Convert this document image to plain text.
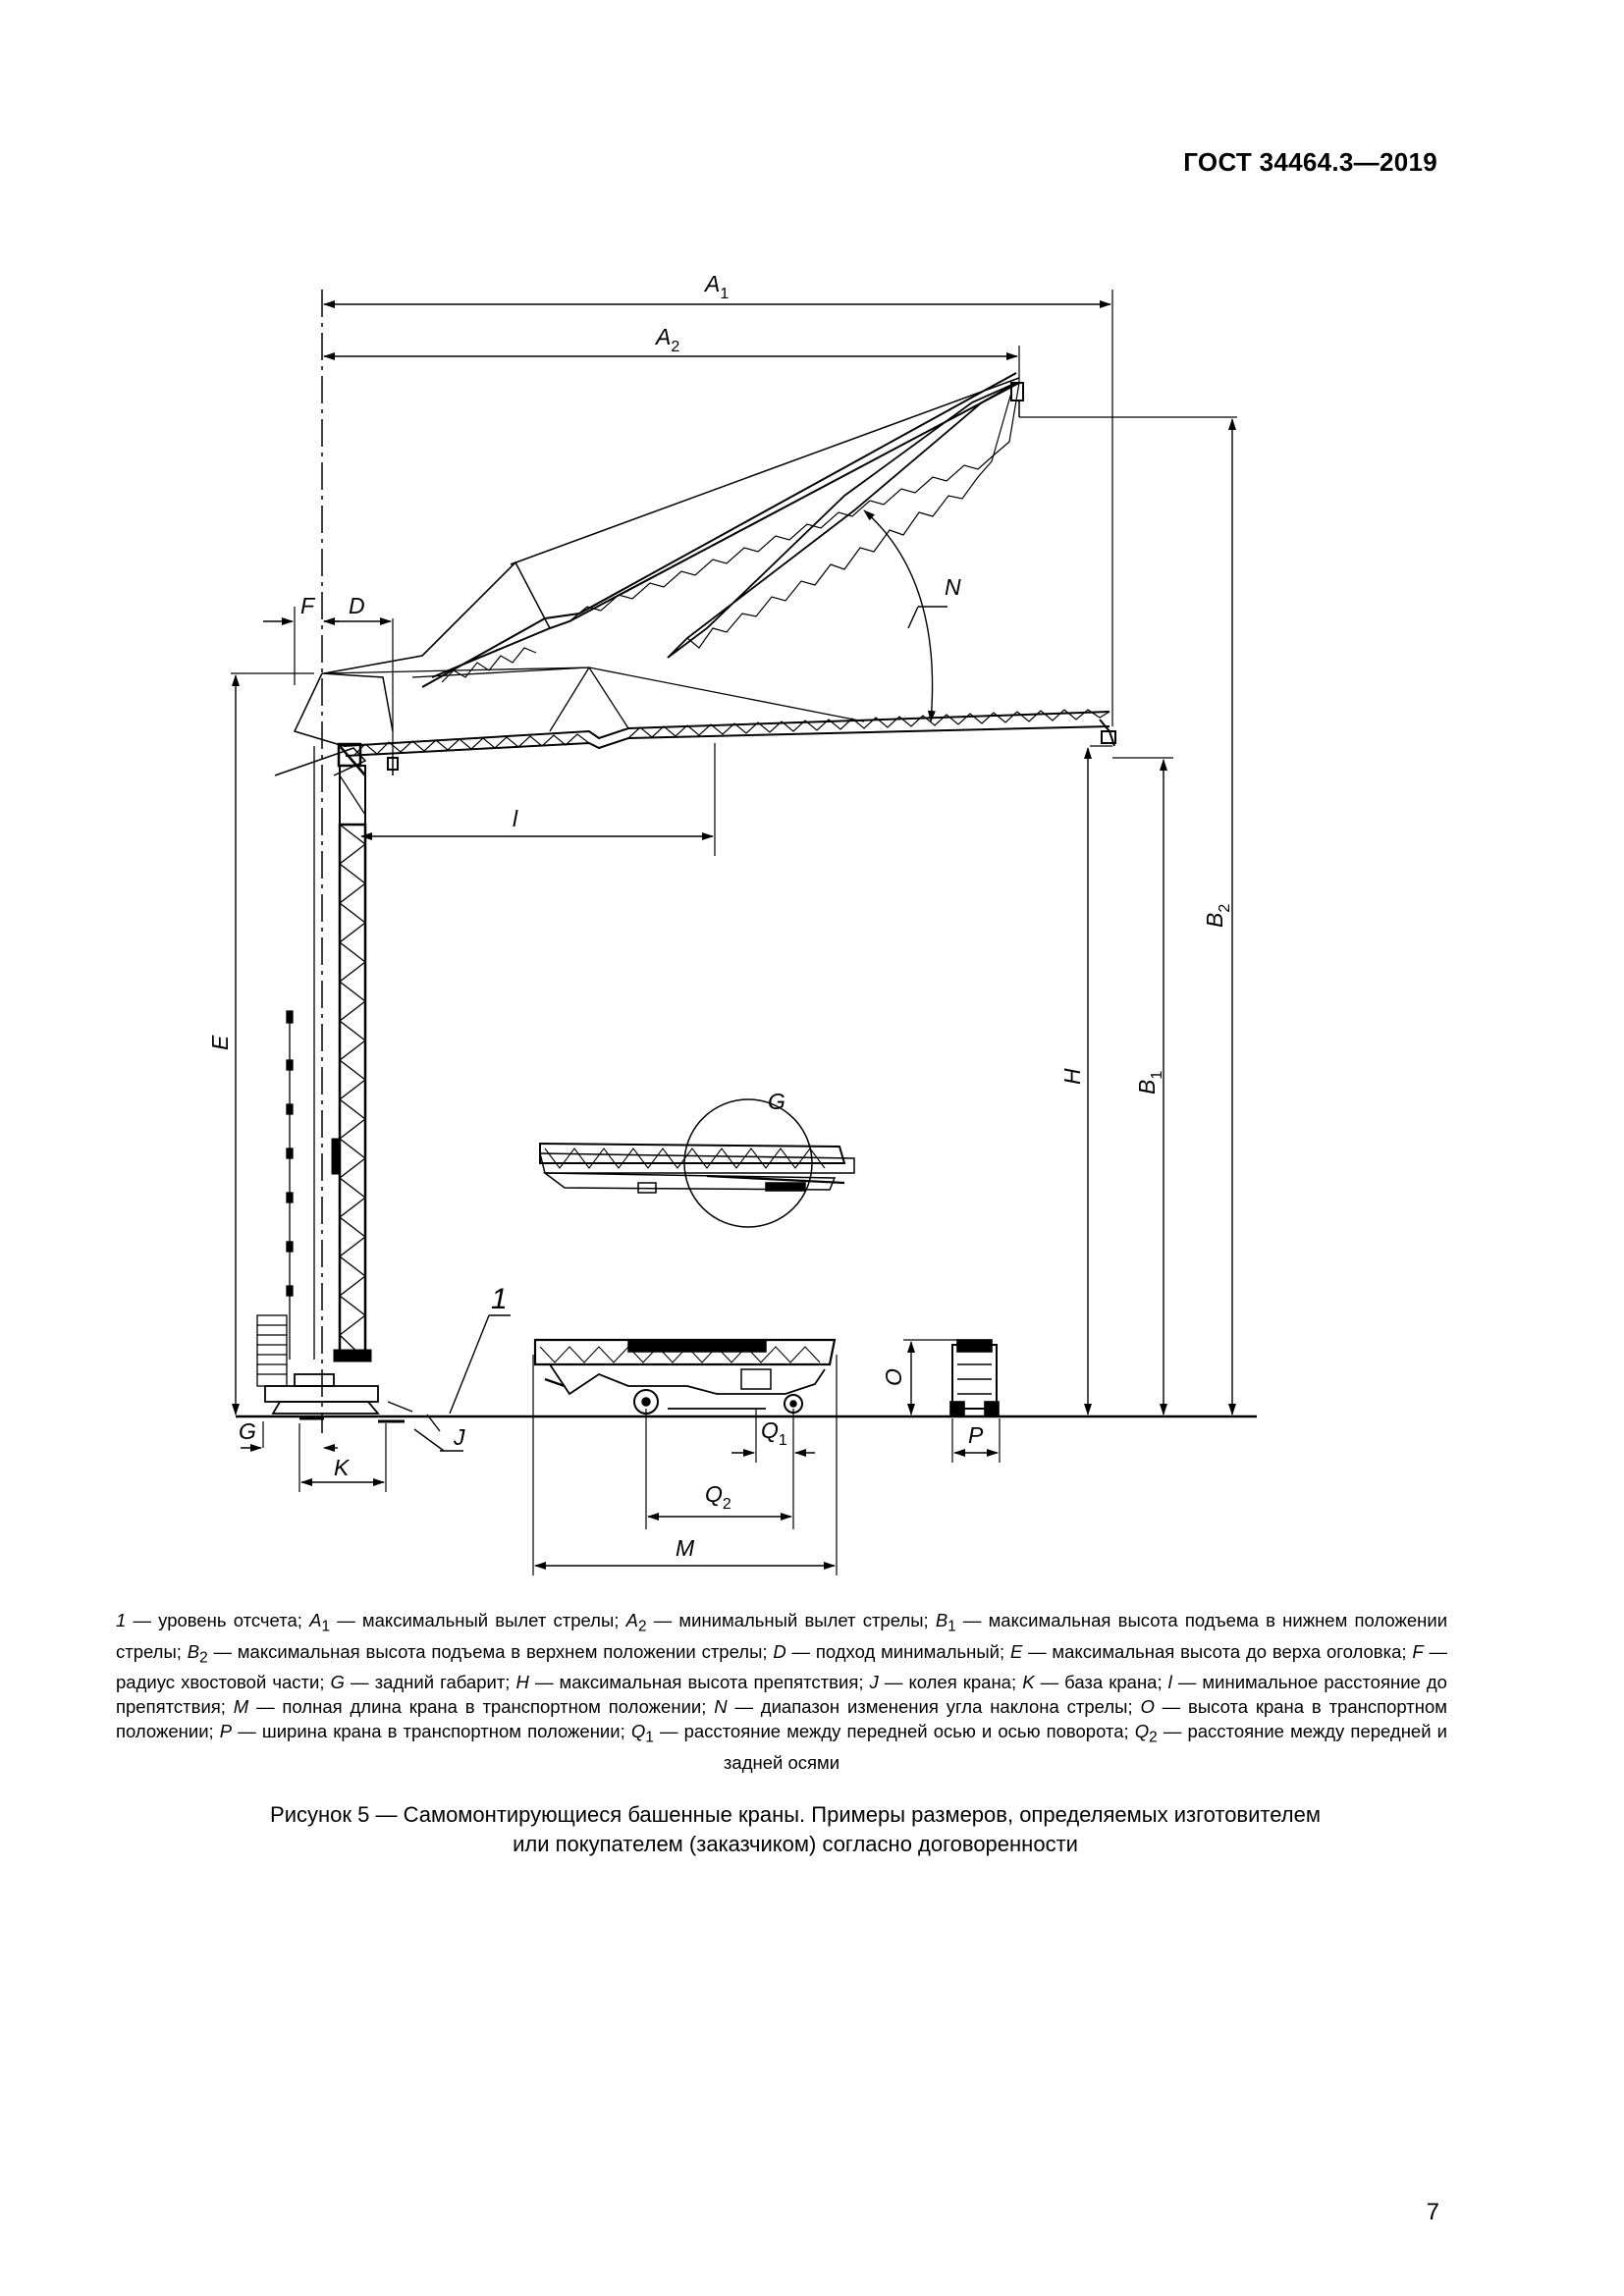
ГОСТ 34464.3—2019
$A_1$
$A_2$
F D
N
l
E
H
$B_1$
$B_2$
G
1
O
G	J
K
$Q_1$
$Q_2$
M
P
1 — уровень отсчета; $A_1$ — максимальный вылет стрелы; $A_2$ — минимальный вылет стрелы; $B_1$ — максимальная высота подъема в нижнем положении стрелы; $B_2$ — максимальная высота подъема в верхнем положении стрелы; D — подход минимальный; E — максимальная высота до верха оголовка; F — радиус хвостовой части; G — задний габарит; H — максимальная высота препятствия; J — колея крана; K — база крана; l — минимальное расстояние до препятствия; M — полная длина крана в транспортном положении; N — диапазон изменения угла наклона стрелы; O — высота крана в транспортном положении; P — ширина крана в транспортном положении; $Q_1$ — расстояние между передней осью и осью поворота; $Q_2$ — расстояние между передней и задней осями
Рисунок 5 — Самомонтирующиеся башенные краны. Примеры размеров, определяемых изготовителем
или покупателем (заказчиком) согласно договоренности
7
